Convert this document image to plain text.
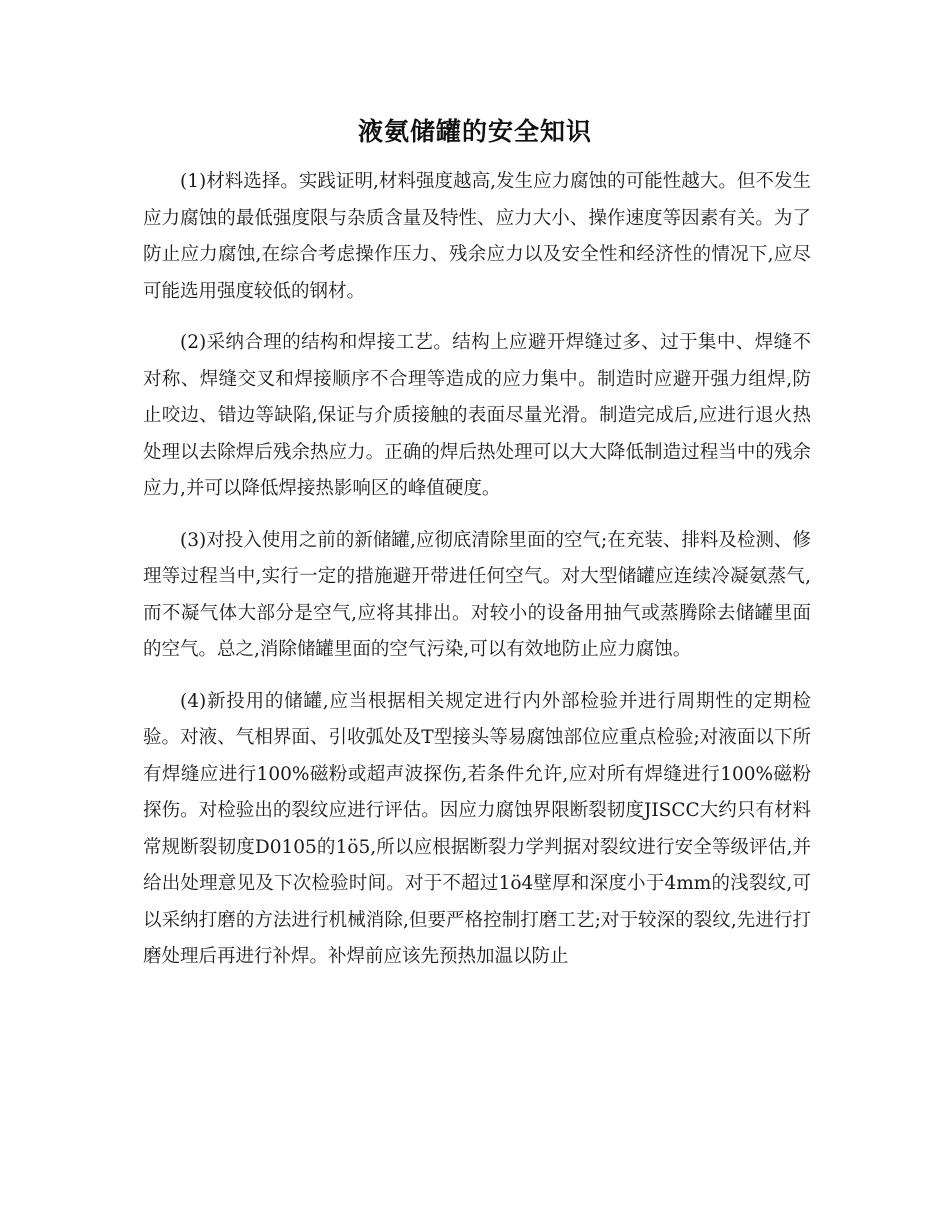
液氨储罐的安全知识

(1)材料选择。实践证明,材料强度越高,发生应力腐蚀的可能性越大。但不发生应力腐蚀的最低强度限与杂质含量及特性、应力大小、操作速度等因素有关。为了防止应力腐蚀,在综合考虑操作压力、残余应力以及安全性和经济性的情况下,应尽可能选用强度较低的钢材。

(2)采纳合理的结构和焊接工艺。结构上应避开焊缝过多、过于集中、焊缝不对称、焊缝交叉和焊接顺序不合理等造成的应力集中。制造时应避开强力组焊,防止咬边、错边等缺陷,保证与介质接触的表面尽量光滑。制造完成后,应进行退火热处理以去除焊后残余热应力。正确的焊后热处理可以大大降低制造过程当中的残余应力,并可以降低焊接热影响区的峰值硬度。

(3)对投入使用之前的新储罐,应彻底清除里面的空气;在充装、排料及检测、修理等过程当中,实行一定的措施避开带进任何空气。对大型储罐应连续冷凝氨蒸气,而不凝气体大部分是空气,应将其排出。对较小的设备用抽气或蒸腾除去储罐里面的空气。总之,消除储罐里面的空气污染,可以有效地防止应力腐蚀。

(4)新投用的储罐,应当根据相关规定进行内外部检验并进行周期性的定期检验。对液、气相界面、引收弧处及T型接头等易腐蚀部位应重点检验;对液面以下所有焊缝应进行100%磁粉或超声波探伤,若条件允许,应对所有焊缝进行100%磁粉探伤。对检验出的裂纹应进行评估。因应力腐蚀界限断裂韧度JISCC大约只有材料常规断裂韧度D0105的1ö5,所以应根据断裂力学判据对裂纹进行安全等级评估,并给出处理意见及下次检验时间。对于不超过1ö4壁厚和深度小于4mm的浅裂纹,可以采纳打磨的方法进行机械消除,但要严格控制打磨工艺;对于较深的裂纹,先进行打磨处理后再进行补焊。补焊前应该先预热加温以防止
